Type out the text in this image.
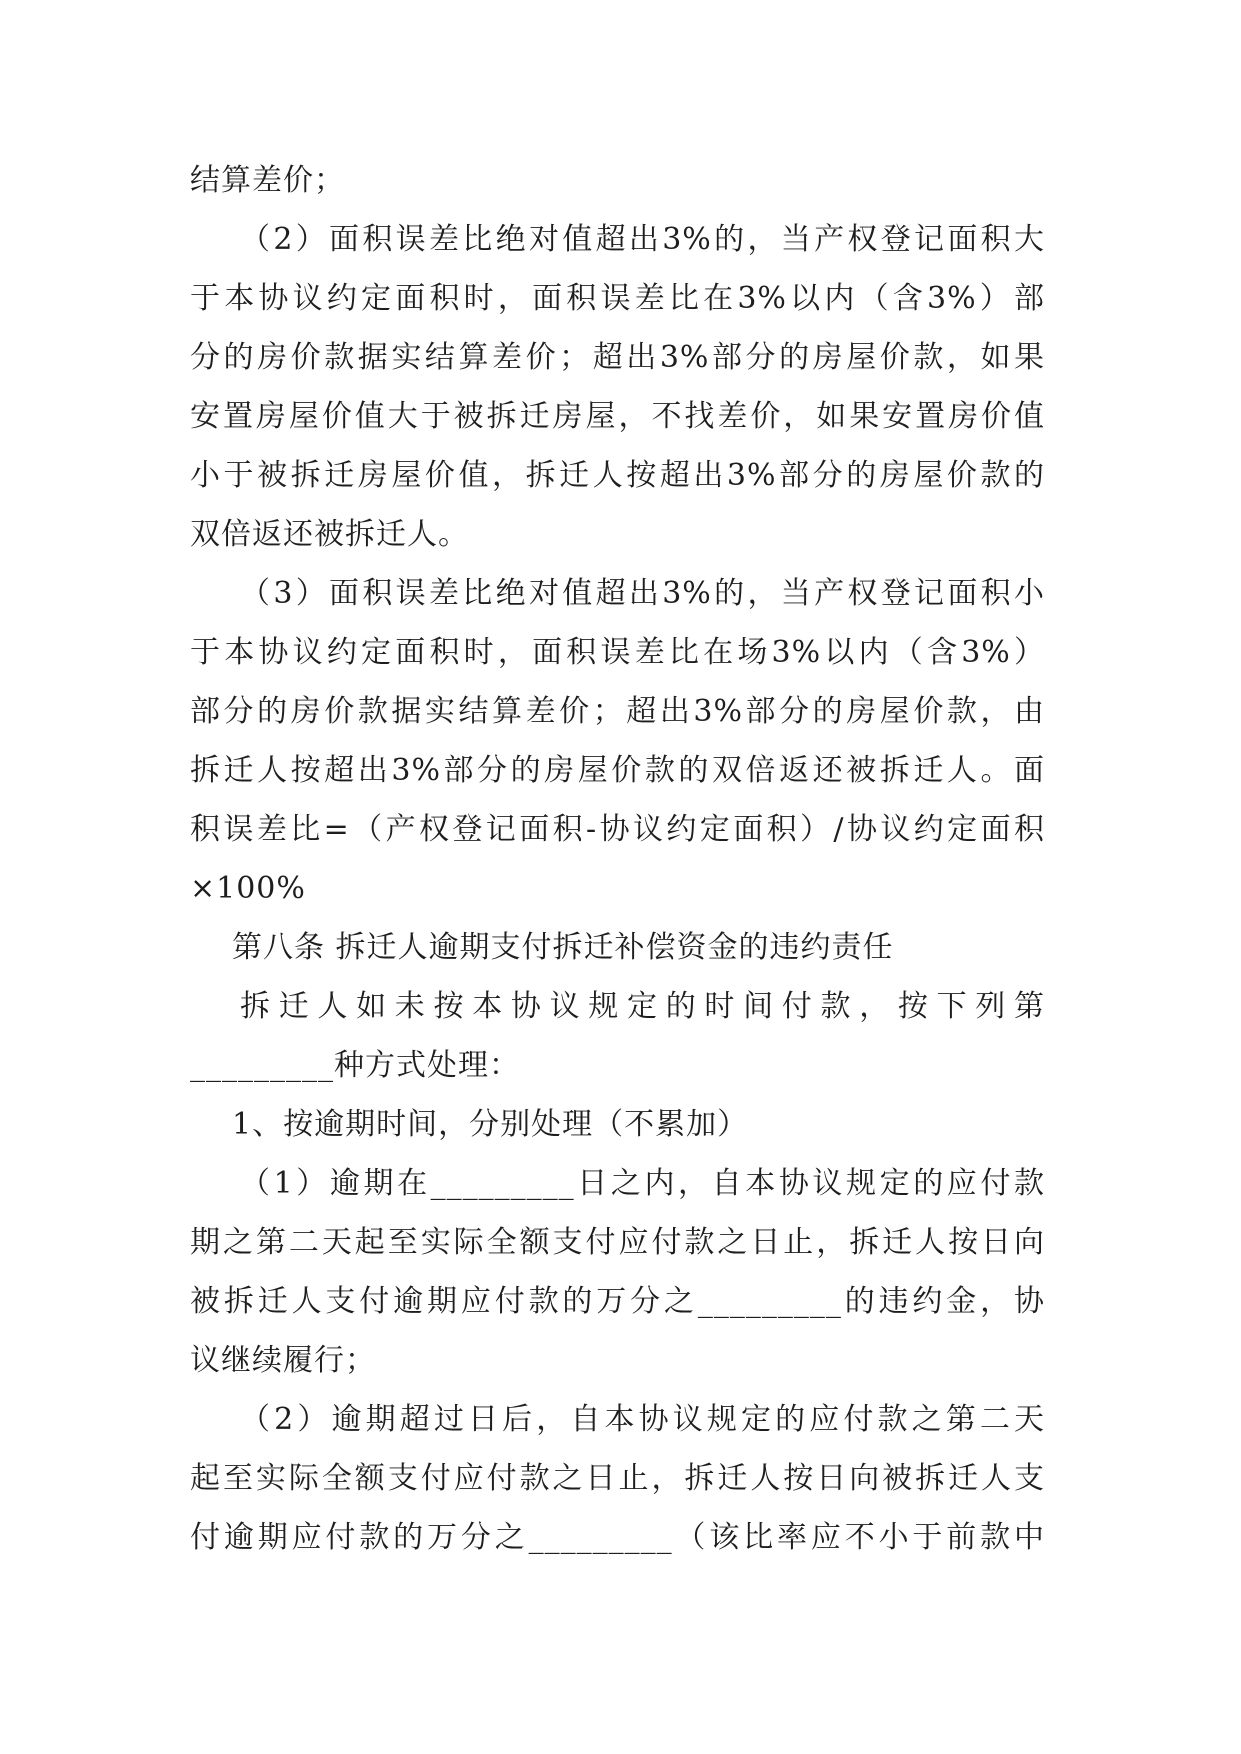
结算差价；
（2）面积误差比绝对值超出3%的，当产权登记面积大
于本协议约定面积时，面积误差比在3%以内（含3%）部
分的房价款据实结算差价；超出3%部分的房屋价款，如果
安置房屋价值大于被拆迁房屋，不找差价，如果安置房价值
小于被拆迁房屋价值，拆迁人按超出3%部分的房屋价款的
双倍返还被拆迁人。
（3）面积误差比绝对值超出3%的，当产权登记面积小
于本协议约定面积时，面积误差比在场3%以内（含3%）
部分的房价款据实结算差价；超出3%部分的房屋价款，由
拆迁人按超出3%部分的房屋价款的双倍返还被拆迁人。面
积误差比=（产权登记面积-协议约定面积）/协议约定面积
×100%
第八条 拆迁人逾期支付拆迁补偿资金的违约责任
拆迁人如未按本协议规定的时间付款，按下列第
_________种方式处理：
1、按逾期时间，分别处理（不累加）
（1）逾期在_________日之内，自本协议规定的应付款
期之第二天起至实际全额支付应付款之日止，拆迁人按日向
被拆迁人支付逾期应付款的万分之_________的违约金，协
议继续履行；
（2）逾期超过日后，自本协议规定的应付款之第二天
起至实际全额支付应付款之日止，拆迁人按日向被拆迁人支
付逾期应付款的万分之_________（该比率应不小于前款中
